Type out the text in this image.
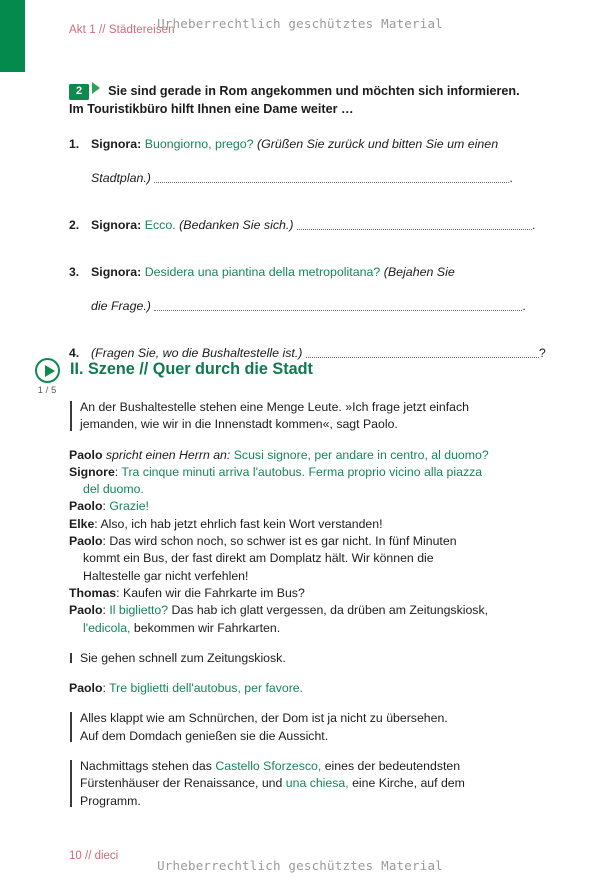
Urheberrechtlich geschütztes Material
Akt 1 // Städtereisen
2 Sie sind gerade in Rom angekommen und möchten sich informieren.
Im Touristikbüro hilft Ihnen eine Dame weiter …
1. Signora: Buongiorno, prego? (Grüßen Sie zurück und bitten Sie um einen
Stadtplan.)	.
2. Signora: Ecco. (Bedanken Sie sich.)	.
3. Signora: Desidera una piantina della metropolitana? (Bejahen Sie
die Frage.)	.
4. (Fragen Sie, wo die Bushaltestelle ist.)	?
1 / 5
II. Szene // Quer durch die Stadt
An der Bushaltestelle stehen eine Menge Leute. »Ich frage jetzt einfach
jemanden, wie wir in die Innenstadt kommen«, sagt Paolo.
Paolo spricht einen Herrn an: Scusi signore, per andare in centro, al duomo?
Signore: Tra cinque minuti arriva l'autobus. Ferma proprio vicino alla piazza
del duomo.
Paolo: Grazie!
Elke: Also, ich hab jetzt ehrlich fast kein Wort verstanden!
Paolo: Das wird schon noch, so schwer ist es gar nicht. In fünf Minuten
kommt ein Bus, der fast direkt am Domplatz hält. Wir können die
Haltestelle gar nicht verfehlen!
Thomas: Kaufen wir die Fahrkarte im Bus?
Paolo: Il biglietto? Das hab ich glatt vergessen, da drüben am Zeitungskiosk,
l'edicola, bekommen wir Fahrkarten.
Sie gehen schnell zum Zeitungskiosk.
Paolo: Tre biglietti dell'autobus, per favore.
Alles klappt wie am Schnürchen, der Dom ist ja nicht zu übersehen.
Auf dem Domdach genießen sie die Aussicht.
Nachmittags stehen das Castello Sforzesco, eines der bedeutendsten
Fürstenhäuser der Renaissance, und una chiesa, eine Kirche, auf dem
Programm.
10 // dieci
Urheberrechtlich geschütztes Material
